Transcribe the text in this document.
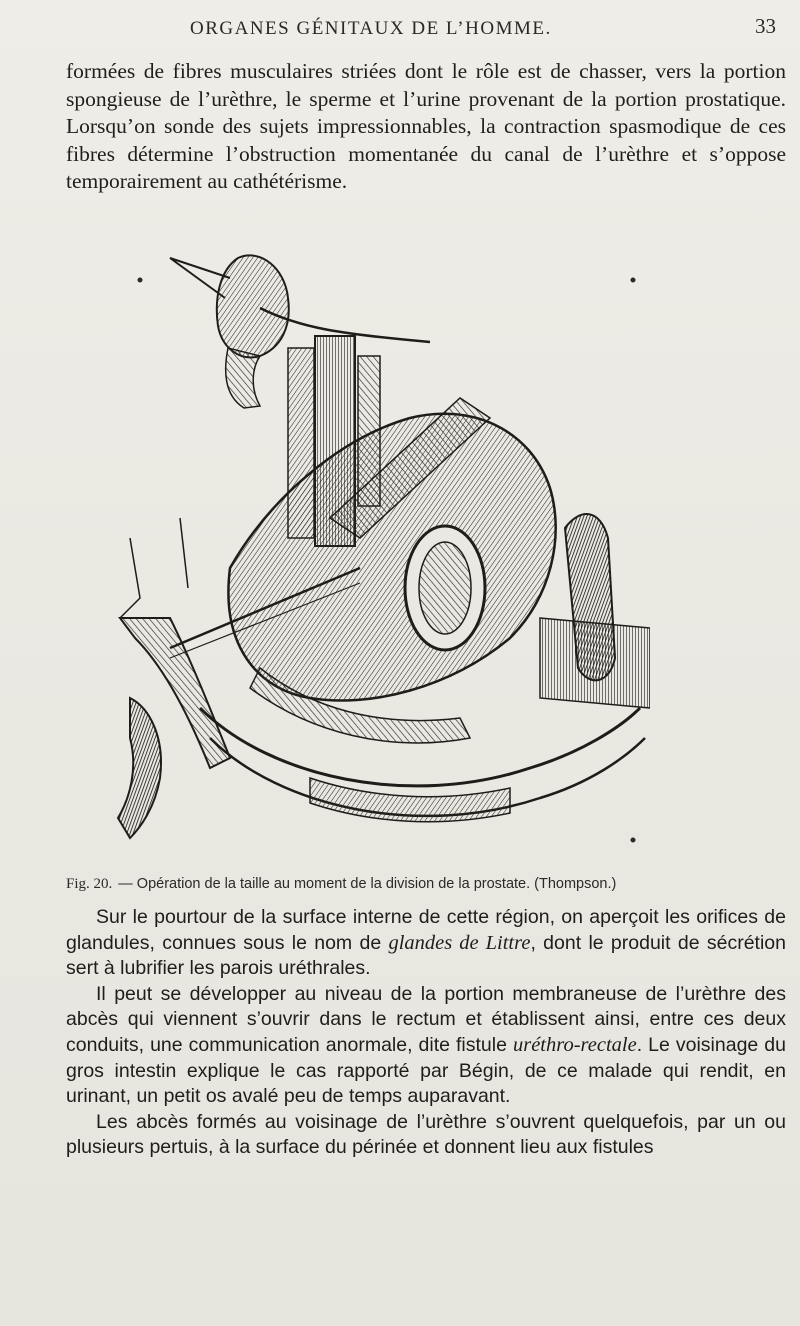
ORGANES GÉNITAUX DE L’HOMME.	33
formées de fibres musculaires striées dont le rôle est de chasser, vers la portion spongieuse de l’urèthre, le sperme et l’urine provenant de la portion prostatique. Lorsqu’on sonde des sujets impressionnables, la contraction spasmodique de ces fibres détermine l’obstruction momentanée du canal de l’urèthre et s’oppose temporairement au cathétérisme.
Fig. 20. — Opération de la taille au moment de la division de la prostate. (Thompson.)

Sur le pourtour de la surface interne de cette région, on aperçoit les orifices de glandules, connues sous le nom de glandes de Littre, dont le produit de sécrétion sert à lubrifier les parois uréthrales.

Il peut se développer au niveau de la portion membraneuse de l’urèthre des abcès qui viennent s’ouvrir dans le rectum et établissent ainsi, entre ces deux conduits, une communication anormale, dite fistule uréthro-rectale. Le voisinage du gros intestin explique le cas rapporté par Bégin, de ce malade qui rendit, en urinant, un petit os avalé peu de temps auparavant.

Les abcès formés au voisinage de l’urèthre s’ouvrent quelquefois, par un ou plusieurs pertuis, à la surface du périnée et donnent lieu aux fistules
